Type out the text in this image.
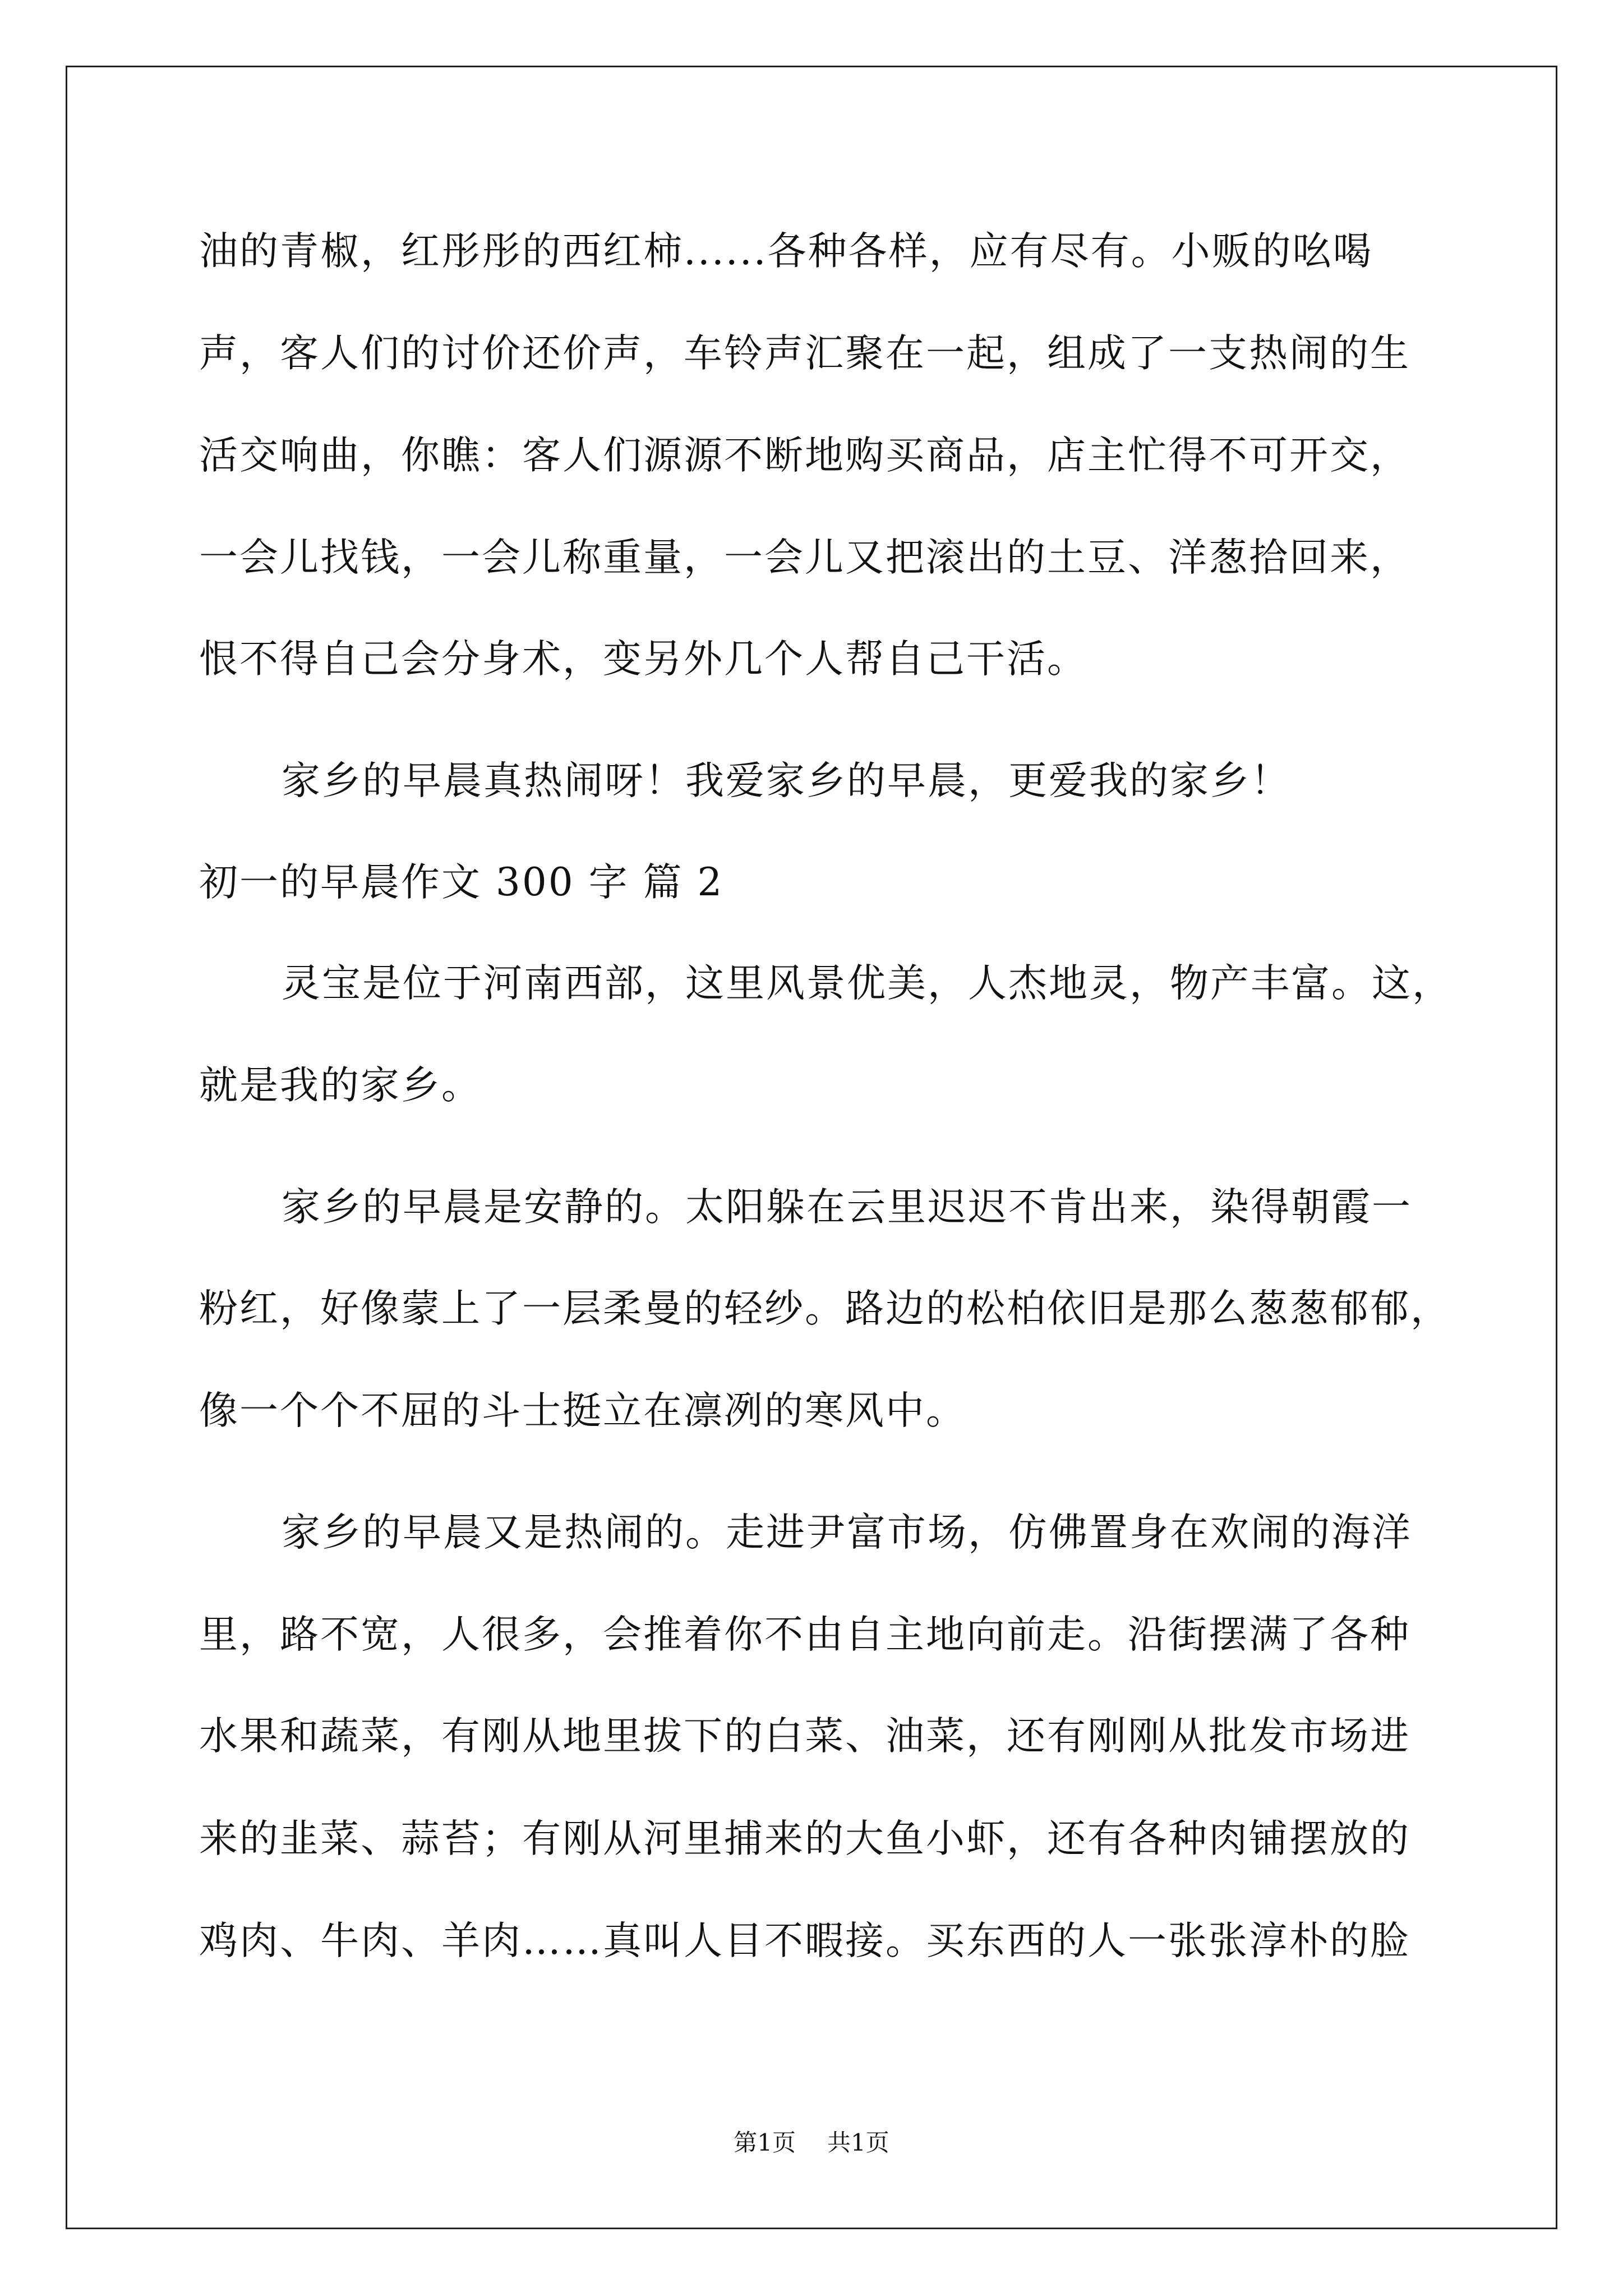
油的青椒，红彤彤的西红柿......各种各样，应有尽有。小贩的吆喝
声，客人们的讨价还价声，车铃声汇聚在一起，组成了一支热闹的生
活交响曲，你瞧：客人们源源不断地购买商品，店主忙得不可开交，
一会儿找钱，一会儿称重量，一会儿又把滚出的土豆、洋葱拾回来，
恨不得自己会分身术，变另外几个人帮自己干活。
家乡的早晨真热闹呀！我爱家乡的早晨，更爱我的家乡！
初一的早晨作文 300 字 篇 2
灵宝是位于河南西部，这里风景优美，人杰地灵，物产丰富。这，
就是我的家乡。
家乡的早晨是安静的。太阳躲在云里迟迟不肯出来，染得朝霞一
粉红，好像蒙上了一层柔曼的轻纱。路边的松柏依旧是那么葱葱郁郁，
像一个个不屈的斗士挺立在凛冽的寒风中。
家乡的早晨又是热闹的。走进尹富市场，仿佛置身在欢闹的海洋
里，路不宽，人很多，会推着你不由自主地向前走。沿街摆满了各种
水果和蔬菜，有刚从地里拔下的白菜、油菜，还有刚刚从批发市场进
来的韭菜、蒜苔；有刚从河里捕来的大鱼小虾，还有各种肉铺摆放的
鸡肉、牛肉、羊肉……真叫人目不暇接。买东西的人一张张淳朴的脸
第1页 共1页
